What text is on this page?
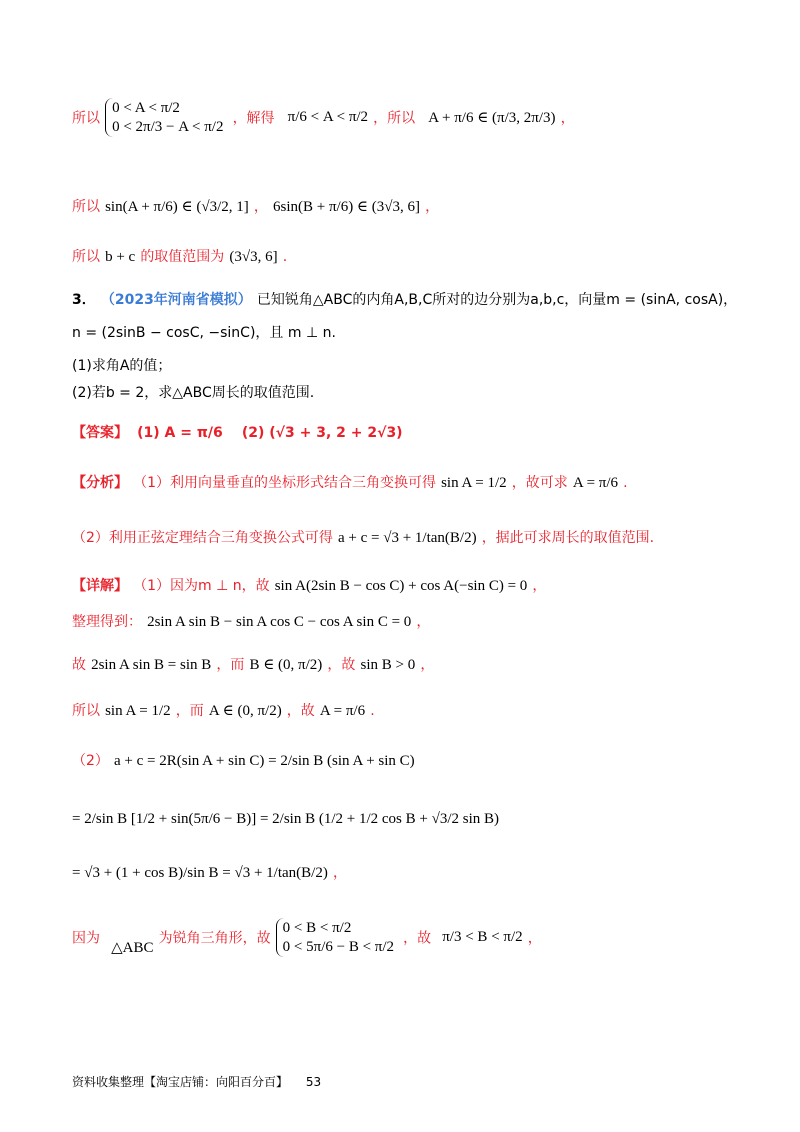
所以
0 < A < π/2
0 < 2π/3 − A < π/2 ，解得 π/6 < A < π/2 ，所以 A + π/6 ∈ (π/3, 2π/3) ，
所以 sin(A + π/6) ∈ (√3/2, 1] ， 6sin(B + π/6) ∈ (3√3, 6] ，
所以 b + c 的取值范围为 (3√3, 6] .
3． （2023年河南省模拟） 已知锐角△ABC的内角A,B,C所对的边分别为a,b,c，向量m = (sinA, cosA)，
n = (2sinB − cosC, −sinC)，且 m ⊥ n.
(1)求角A的值；
(2)若b = 2，求△ABC周长的取值范围.
【答案】 (1) A = π/6 (2) (√3 + 3, 2 + 2√3)
【分析】 （1）利用向量垂直的坐标形式结合三角变换可得 sin A = 1/2 ，故可求 A = π/6 .
（2）利用正弦定理结合三角变换公式可得 a + c = √3 + 1/tan(B/2) ，据此可求周长的取值范围.
【详解】 （1）因为m ⊥ n，故 sin A(2sin B − cos C) + cos A(−sin C) = 0 ，
整理得到： 2sin A sin B − sin A cos C − cos A sin C = 0 ，
故 2sin A sin B = sin B ，而 B ∈ (0, π/2) ，故 sin B > 0 ，
所以 sin A = 1/2 ，而 A ∈ (0, π/2) ，故 A = π/6 .
（2） a + c = 2R(sin A + sin C) = 2/sin B (sin A + sin C)
= 2/sin B [1/2 + sin(5π/6 − B)] = 2/sin B (1/2 + 1/2 cos B + √3/2 sin B)
= √3 + (1 + cos B)/sin B = √3 + 1/tan(B/2) ，
因为 △ABC 为锐角三角形，故
0 < B < π/2
0 < 5π/6 − B < π/2 ，故 π/3 < B < π/2 ，
资料收集整理【淘宝店铺：向阳百分百】 53
